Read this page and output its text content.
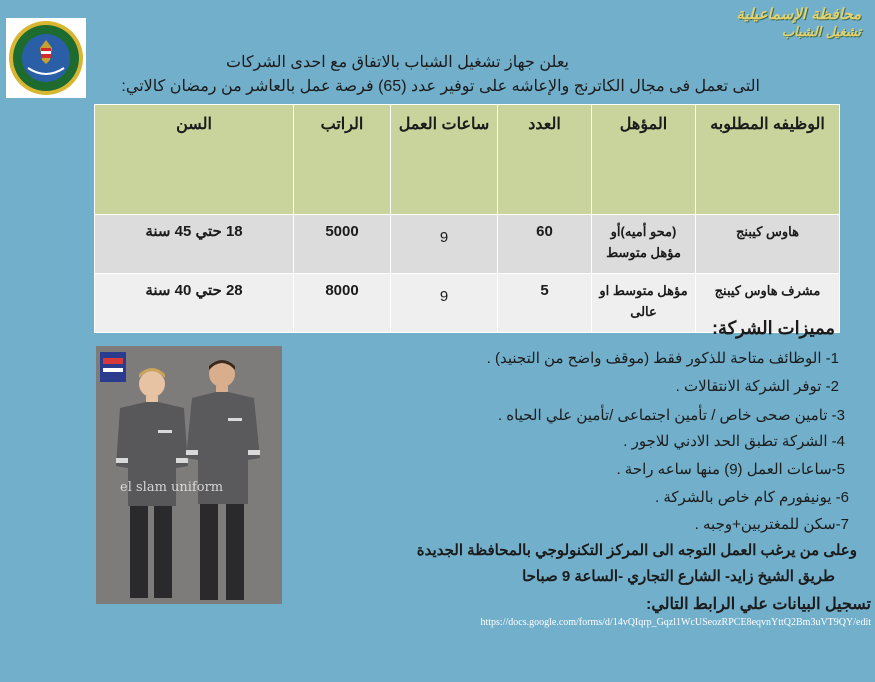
محافظة الإسماعيلية
تشغيل الشباب
يعلن جهاز تشغيل الشباب بالاتفاق مع احدى الشركات
التى تعمل فى مجال الكاترنج والإعاشه على توفير عدد (65) فرصة عمل بالعاشر من رمضان كالاتي:
الوظيفه المطلوبه	المؤهل	العدد	ساعات العمل	الراتب	السن
هاوس كيبنج	(محو أميه)أو مؤهل متوسط	60	9	5000	18 حتي 45 سنة
مشرف هاوس كيبنج	مؤهل متوسط او عالى	5	9	8000	28 حتي 40 سنة
el slam uniform
مميزات الشركة:
1- الوظائف متاحة للذكور فقط (موقف واضح من التجنيد) .
2- توفر الشركة الانتقالات .
3- تامين صحى خاص / تأمين اجتماعى /تأمين علي الحياه .
4- الشركة تطبق الحد الادني للاجور .
5-ساعات العمل (9) منها ساعه راحة .
6- يونيفورم كام خاص بالشركة .
7-سكن للمغتربين+وجبه .
وعلى من يرغب العمل التوجه الى المركز التكنولوجي بالمحافظة الجديدة
طريق الشيخ زايد- الشارع التجاري -الساعة 9 صباحا
تسجيل البيانات علي الرابط التالي:
https://docs.google.com/forms/d/14vQIqrp_Gqzl1WcUSeozRPCE8eqvnYttQ2Bm3uVT9QY/edit
